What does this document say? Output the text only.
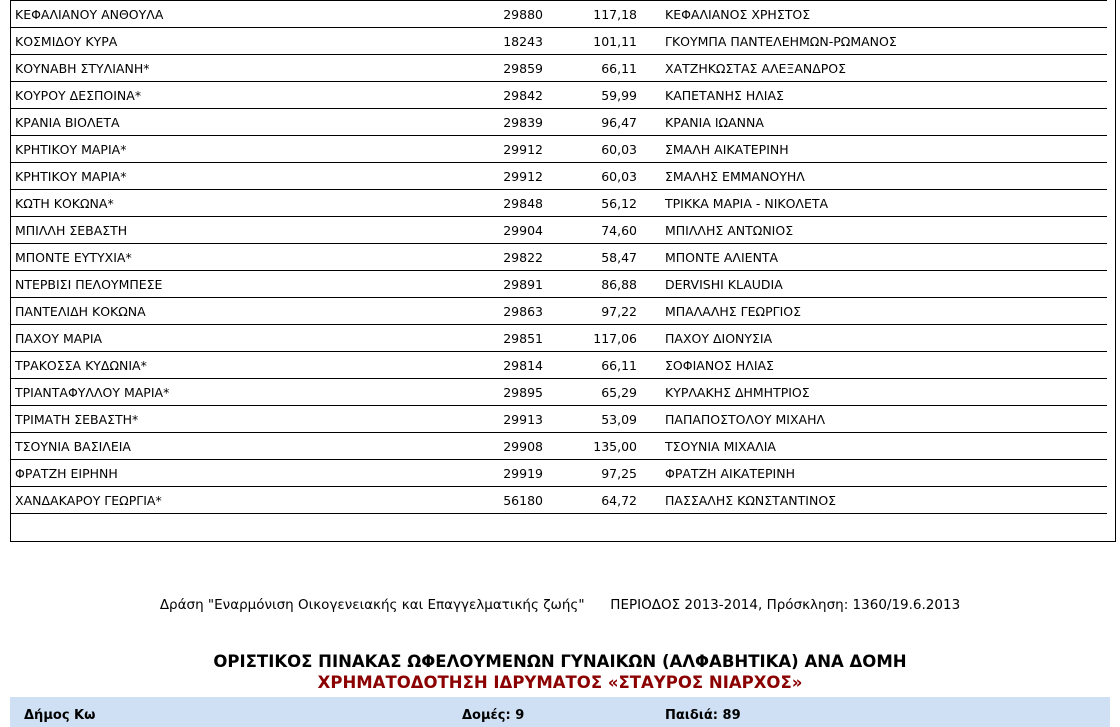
ΚΕΦΑΛΙΑΝΟΥ ΑΝΘΟΥΛΑ	29880	117,18	ΚΕΦΑΛΙΑΝΟΣ ΧΡΗΣΤΟΣ
ΚΟΣΜΙΔΟΥ ΚΥΡΑ	18243	101,11	ΓΚΟΥΜΠΑ ΠΑΝΤΕΛΕΗΜΩΝ-ΡΩΜΑΝΟΣ
ΚΟΥΝΑΒΗ ΣΤΥΛΙΑΝΗ*	29859	66,11	ΧΑΤΖΗΚΩΣΤΑΣ ΑΛΕΞΑΝΔΡΟΣ
ΚΟΥΡΟΥ ΔΕΣΠΟΙΝΑ*	29842	59,99	ΚΑΠΕΤΑΝΗΣ ΗΛΙΑΣ
ΚΡΑΝΙΑ ΒΙΟΛΕΤΑ	29839	96,47	ΚΡΑΝΙΑ ΙΩΑΝΝΑ
ΚΡΗΤΙΚΟΥ ΜΑΡΙΑ*	29912	60,03	ΣΜΑΛΗ ΑΙΚΑΤΕΡΙΝΗ
ΚΡΗΤΙΚΟΥ ΜΑΡΙΑ*	29912	60,03	ΣΜΑΛΗΣ ΕΜΜΑΝΟΥΗΛ
ΚΩΤΗ ΚΟΚΩΝΑ*	29848	56,12	ΤΡΙΚΚΑ ΜΑΡΙΑ - ΝΙΚΟΛΕΤΑ
ΜΠΙΛΛΗ ΣΕΒΑΣΤΗ	29904	74,60	ΜΠΙΛΛΗΣ ΑΝΤΩΝΙΟΣ
ΜΠΟΝΤΕ ΕΥΤΥΧΙΑ*	29822	58,47	ΜΠΟΝΤΕ ΑΛΙΕΝΤΑ
ΝΤΕΡΒΙΣΙ ΠΕΛΟΥΜΠΕΣΕ	29891	86,88	DERVISHI KLAUDIA
ΠΑΝΤΕΛΙΔΗ ΚΟΚΩΝΑ	29863	97,22	ΜΠΑΛΑΛΗΣ ΓΕΩΡΓΙΟΣ
ΠΑΧΟΥ ΜΑΡΙΑ	29851	117,06	ΠΑΧΟΥ ΔΙΟΝΥΣΙΑ
ΤΡΑΚΟΣΣΑ ΚΥΔΩΝΙΑ*	29814	66,11	ΣΟΦΙΑΝΟΣ ΗΛΙΑΣ
ΤΡΙΑΝΤΑΦΥΛΛΟΥ ΜΑΡΙΑ*	29895	65,29	ΚΥΡΛΑΚΗΣ ΔΗΜΗΤΡΙΟΣ
ΤΡΙΜΑΤΗ ΣΕΒΑΣΤΗ*	29913	53,09	ΠΑΠΑΠΟΣΤΟΛΟΥ ΜΙΧΑΗΛ
ΤΣΟΥΝΙΑ ΒΑΣΙΛΕΙΑ	29908	135,00	ΤΣΟΥΝΙΑ ΜΙΧΑΛΙΑ
ΦΡΑΤΖΗ ΕΙΡΗΝΗ	29919	97,25	ΦΡΑΤΖΗ ΑΙΚΑΤΕΡΙΝΗ
ΧΑΝΔΑΚΑΡΟΥ ΓΕΩΡΓΙΑ*	56180	64,72	ΠΑΣΣΑΛΗΣ ΚΩΝΣΤΑΝΤΙΝΟΣ
Δράση "Εναρμόνιση Οικογενειακής και Επαγγελματικής ζωής"      ΠΕΡΙΟΔΟΣ 2013-2014, Πρόσκληση: 1360/19.6.2013
ΟΡΙΣΤΙΚΟΣ ΠΙΝΑΚΑΣ ΩΦΕΛΟΥΜΕΝΩΝ ΓΥΝΑΙΚΩΝ (ΑΛΦΑΒΗΤΙΚΑ) ΑΝΑ ΔΟΜΗ
ΧΡΗΜΑΤΟΔΟΤΗΣΗ ΙΔΡΥΜΑΤΟΣ «ΣΤΑΥΡΟΣ ΝΙΑΡΧΟΣ»
Δήμος Κω	Δομές: 9	Παιδιά: 89
